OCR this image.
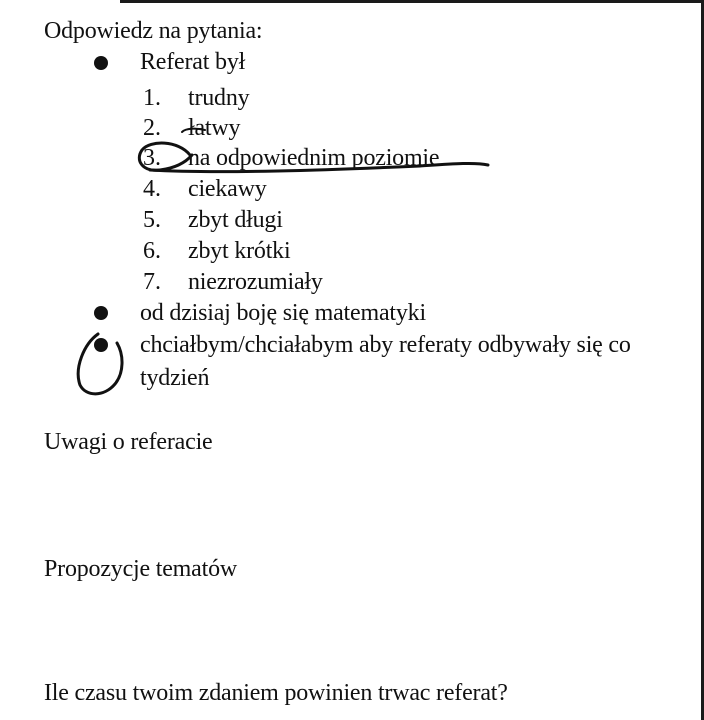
Odpowiedz na pytania:
Referat był
1. trudny
2. łatwy
3. na odpowiednim poziomie
4. ciekawy
5. zbyt długi
6. zbyt krótki
7. niezrozumiały
od dzisiaj boję się matematyki
chciałbym/chciałabym aby referaty odbywały się co
tydzień
Uwagi o referacie
Propozycje tematów
Ile czasu twoim zdaniem powinien trwac referat?
